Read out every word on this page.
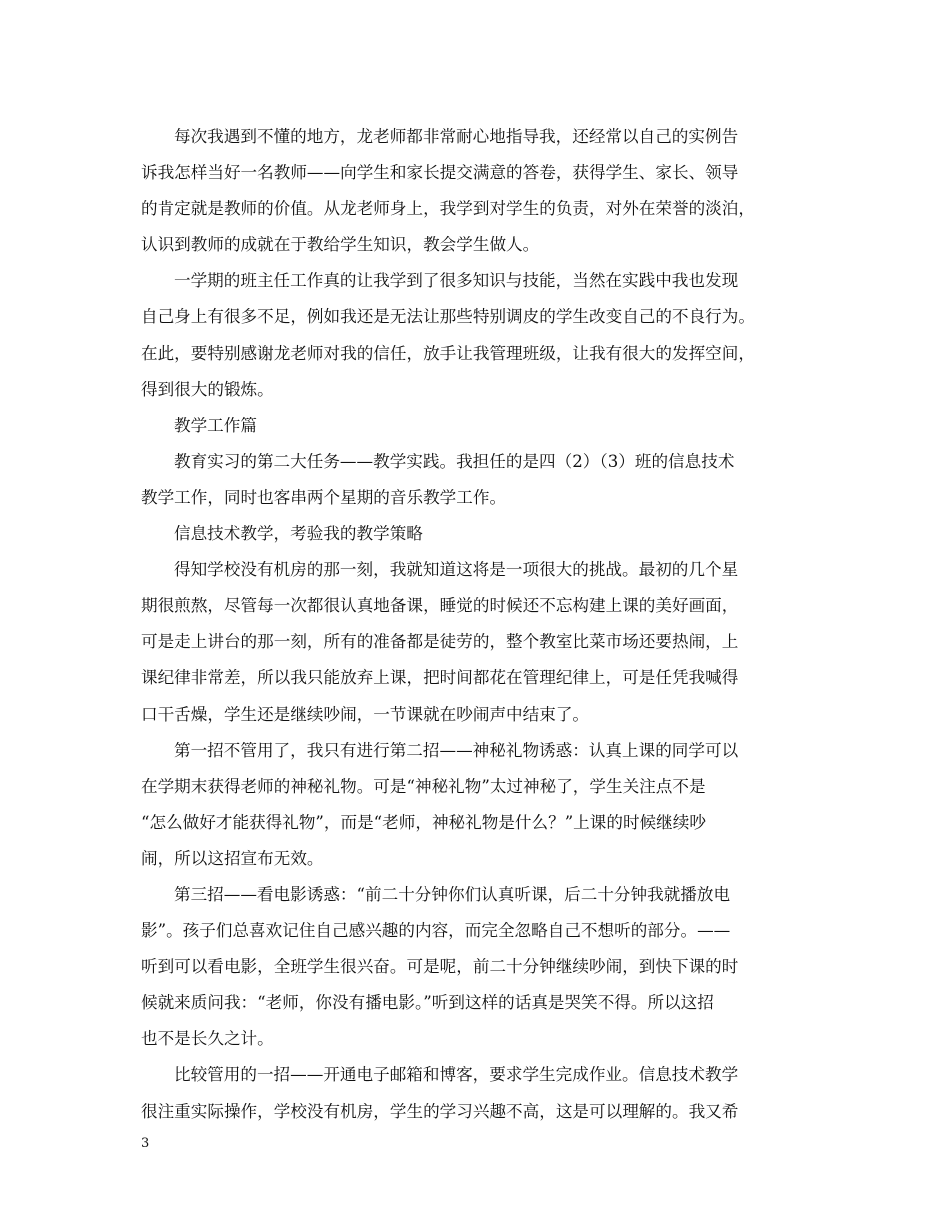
每次我遇到不懂的地方，龙老师都非常耐心地指导我，还经常以自己的实例告
诉我怎样当好一名教师——向学生和家长提交满意的答卷，获得学生、家长、领导
的肯定就是教师的价值。从龙老师身上，我学到对学生的负责，对外在荣誉的淡泊，
认识到教师的成就在于教给学生知识，教会学生做人。
一学期的班主任工作真的让我学到了很多知识与技能，当然在实践中我也发现
自己身上有很多不足，例如我还是无法让那些特别调皮的学生改变自己的不良行为。
在此，要特别感谢龙老师对我的信任，放手让我管理班级，让我有很大的发挥空间，
得到很大的锻炼。
教学工作篇
教育实习的第二大任务——教学实践。我担任的是四（2）（3）班的信息技术
教学工作，同时也客串两个星期的音乐教学工作。
信息技术教学，考验我的教学策略
得知学校没有机房的那一刻，我就知道这将是一项很大的挑战。最初的几个星
期很煎熬，尽管每一次都很认真地备课，睡觉的时候还不忘构建上课的美好画面，
可是走上讲台的那一刻，所有的准备都是徒劳的，整个教室比菜市场还要热闹，上
课纪律非常差，所以我只能放弃上课，把时间都花在管理纪律上，可是任凭我喊得
口干舌燥，学生还是继续吵闹，一节课就在吵闹声中结束了。
第一招不管用了，我只有进行第二招——神秘礼物诱惑：认真上课的同学可以
在学期末获得老师的神秘礼物。可是“神秘礼物”太过神秘了，学生关注点不是
“怎么做好才能获得礼物”，而是“老师，神秘礼物是什么？”上课的时候继续吵
闹，所以这招宣布无效。
第三招——看电影诱惑：“前二十分钟你们认真听课，后二十分钟我就播放电
影”。孩子们总喜欢记住自己感兴趣的内容，而完全忽略自己不想听的部分。——
听到可以看电影，全班学生很兴奋。可是呢，前二十分钟继续吵闹，到快下课的时
候就来质问我：“老师，你没有播电影。”听到这样的话真是哭笑不得。所以这招
也不是长久之计。
比较管用的一招——开通电子邮箱和博客，要求学生完成作业。信息技术教学
很注重实际操作，学校没有机房，学生的学习兴趣不高，这是可以理解的。我又希
3
